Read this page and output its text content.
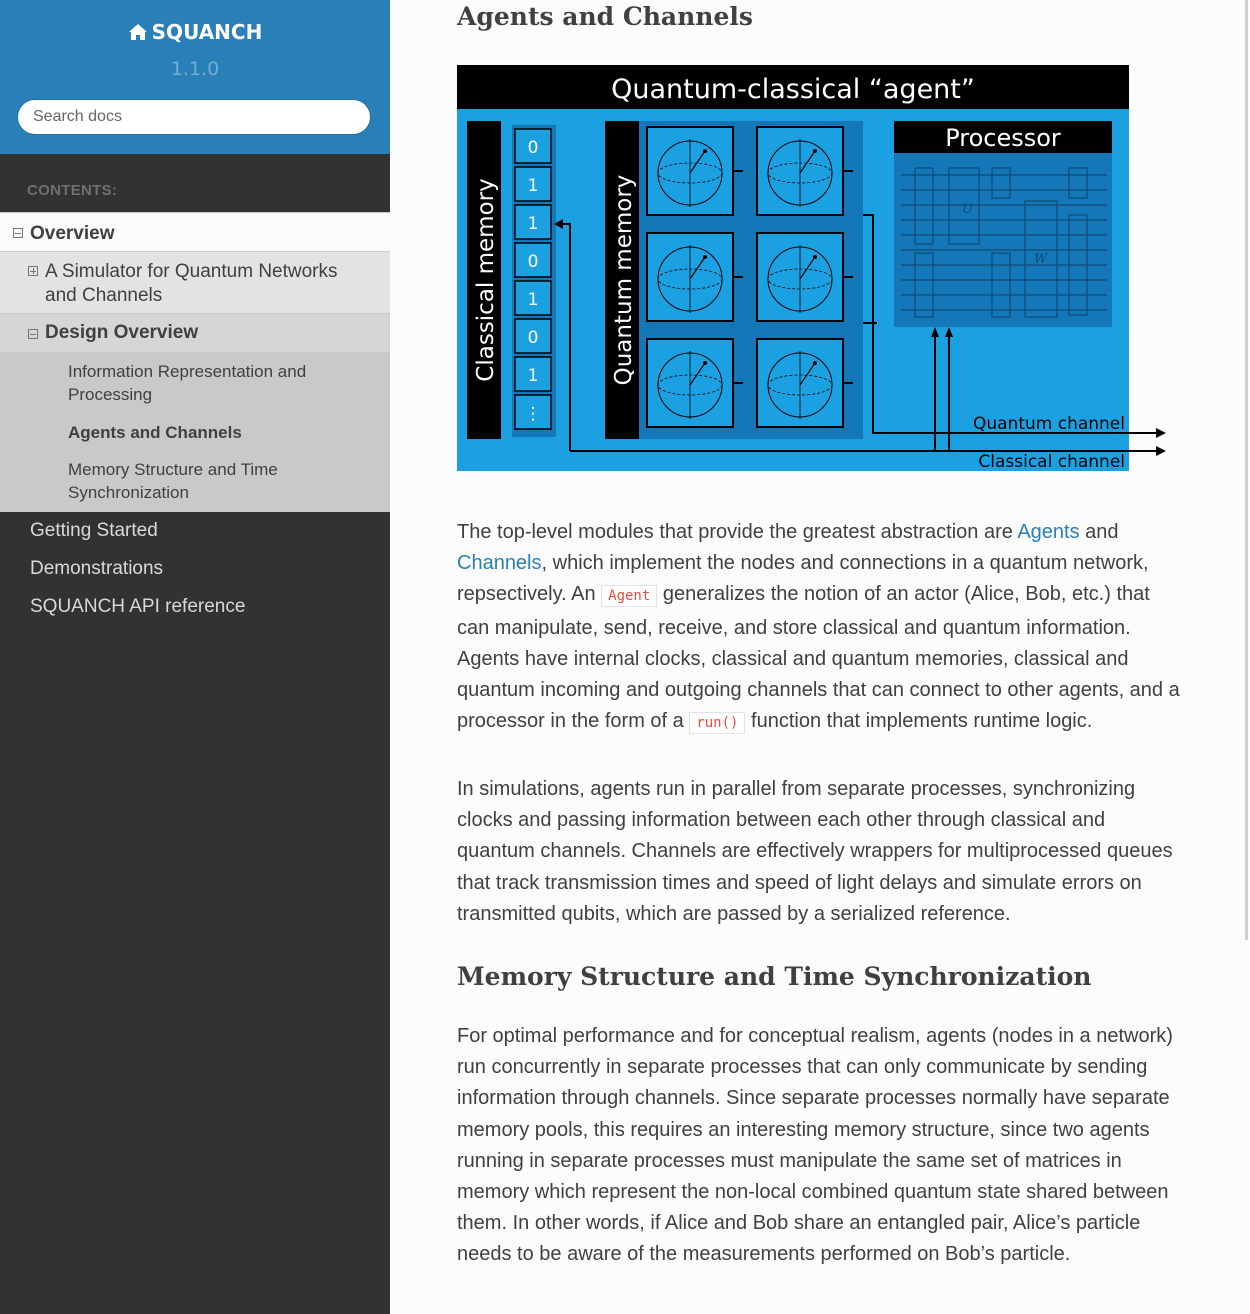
SQUANCH
1.1.0
Search docs
CONTENTS:
Overview
A Simulator for Quantum Networks and Channels
Design Overview
Information Representation and Processing
Agents and Channels
Memory Structure and Time Synchronization
Getting Started
Demonstrations
SQUANCH API reference
Agents and Channels
Quantum-classical “agent”
Classical memory
0
1
1
0
1
0
1
⋮
Quantum memory
Processor
U
W
Quantum channel
Classical channel

The top-level modules that provide the greatest abstraction are Agents and Channels, which implement the nodes and connections in a quantum network, repsectively. An Agent generalizes the notion of an actor (Alice, Bob, etc.) that can manipulate, send, receive, and store classical and quantum information. Agents have internal clocks, classical and quantum memories, classical and quantum incoming and outgoing channels that can connect to other agents, and a processor in the form of a run() function that implements runtime logic.

In simulations, agents run in parallel from separate processes, synchronizing clocks and passing information between each other through classical and quantum channels. Channels are effectively wrappers for multiprocessed queues that track transmission times and speed of light delays and simulate errors on transmitted qubits, which are passed by a serialized reference.

Memory Structure and Time Synchronization

For optimal performance and for conceptual realism, agents (nodes in a network) run concurrently in separate processes that can only communicate by sending information through channels. Since separate processes normally have separate memory pools, this requires an interesting memory structure, since two agents running in separate processes must manipulate the same set of matrices in memory which represent the non-local combined quantum state shared between them. In other words, if Alice and Bob share an entangled pair, Alice’s particle needs to be aware of the measurements performed on Bob’s particle.
